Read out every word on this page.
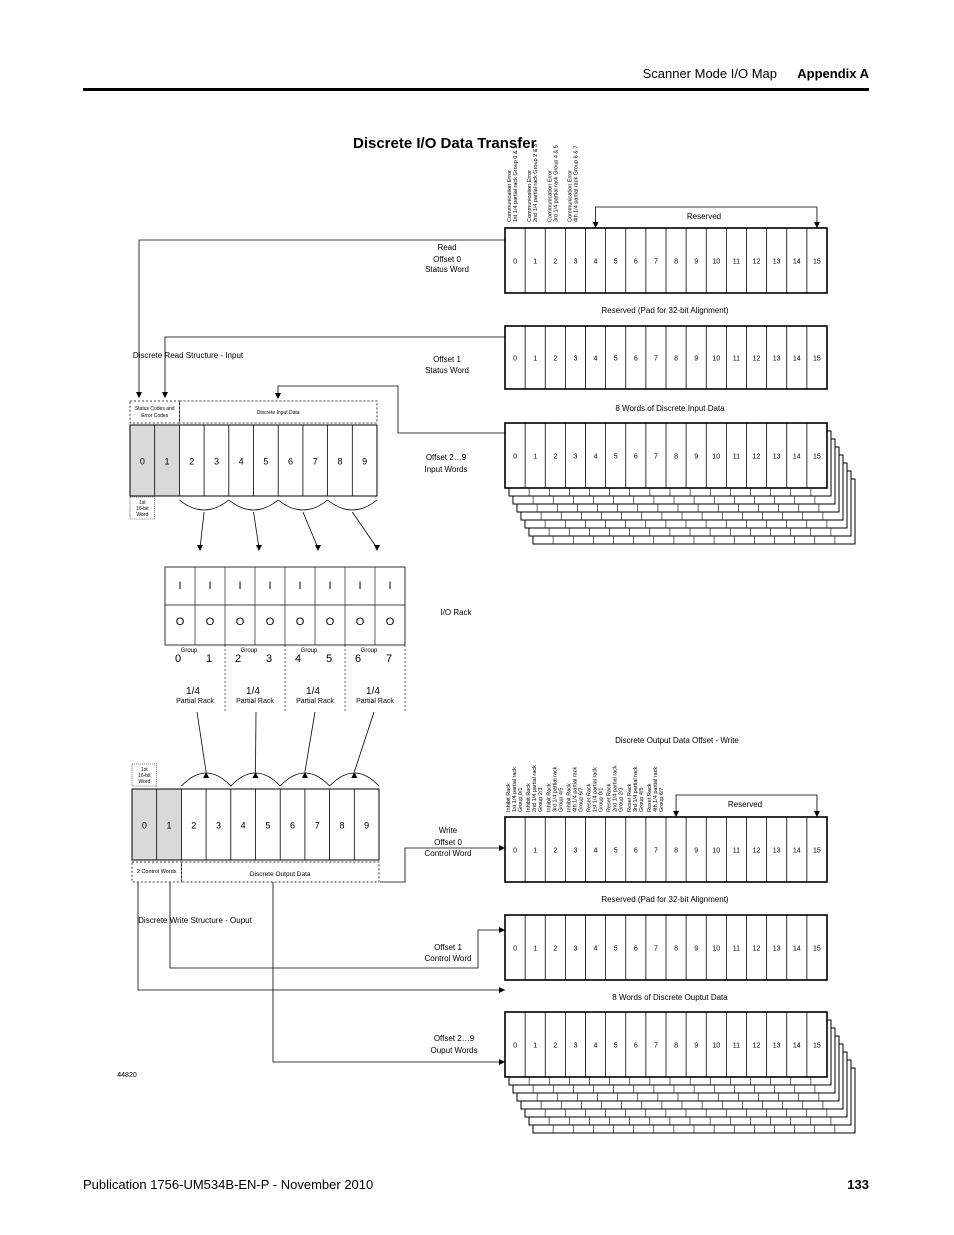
Scanner Mode I/O Map Appendix A
Discrete I/O Data Transfer
Communication Error 1st 1/4 partial rack Group 0 & 1 Communication Error 2nd 1/4 partial rack Group 2 & 3 Communication Error 3rd 1/4 partial rack Group 4 & 5 Communication Error 4th 1/4 partial rack Group 6 & 7	Reserved
0 1 2 3 4 5 6 7 8 9 10 11 12 13 14 15
Read
Offset 0
Status Word
Reserved (Pad for 32-bit Alignment)
0 1 2 3 4 5 6 7 8 9 10 11 12 13 14 15
Offset 1
Status Word
8 Words of Discrete Input Data
0 1 2 3 4 5 6 7 8 9 10 11 12 13 14 15
Offset 2…9
Input Words
Discrete Read Structure - Input
0 1 2 3 4 5 6 7 8 9
Status Codes and
Error Codes	Discrete Input Data
1st
16-bit
Word
I I I I I I I I
O O O O O O O O
I/O Rack
Group
0 1
1/4
Partial Rack
Group
2 3
1/4
Partial Rack
Group
4 5
1/4
Partial Rack
Group
6 7
1/4
Partial Rack
0 1 2 3 4 5 6 7 8 9
1st
16-bit
Word
2 Control Words	Discrete Output Data
Discrete Write Structure - Ouput
Discrete Output Data Offset - Write
Inhibit Rack 1st 1/4 partial rack Group 0/1 Inhibit Rack 2nd 1/4 partial rack Group 2/3 Inhibit Rack 3rd 1/4 partial rack Group 4/5 Inhibit Rack 4th 1/4 partial rack Group 6/7 Reset Rack 1st 1/4 partial rack Group 0/1 Reset Rack 2nd 1/4 partial rack Group 2/3 Reset Rack 3rd 1/4 partial rack Group 4/5 Reset Rack 4th 1/4 partial rack Group 6/7	Reserved
0 1 2 3 4 5 6 7 8 9 10 11 12 13 14 15
Write
Offset 0
Control Word
Reserved (Pad for 32-bit Alignment)
0 1 2 3 4 5 6 7 8 9 10 11 12 13 14 15
Offset 1
Control Word
8 Words of Discrete Ouptut Data
0 1 2 3 4 5 6 7 8 9 10 11 12 13 14 15
Offset 2…9
Ouput Words
44820
Publication 1756-UM534B-EN-P - November 2010	133
